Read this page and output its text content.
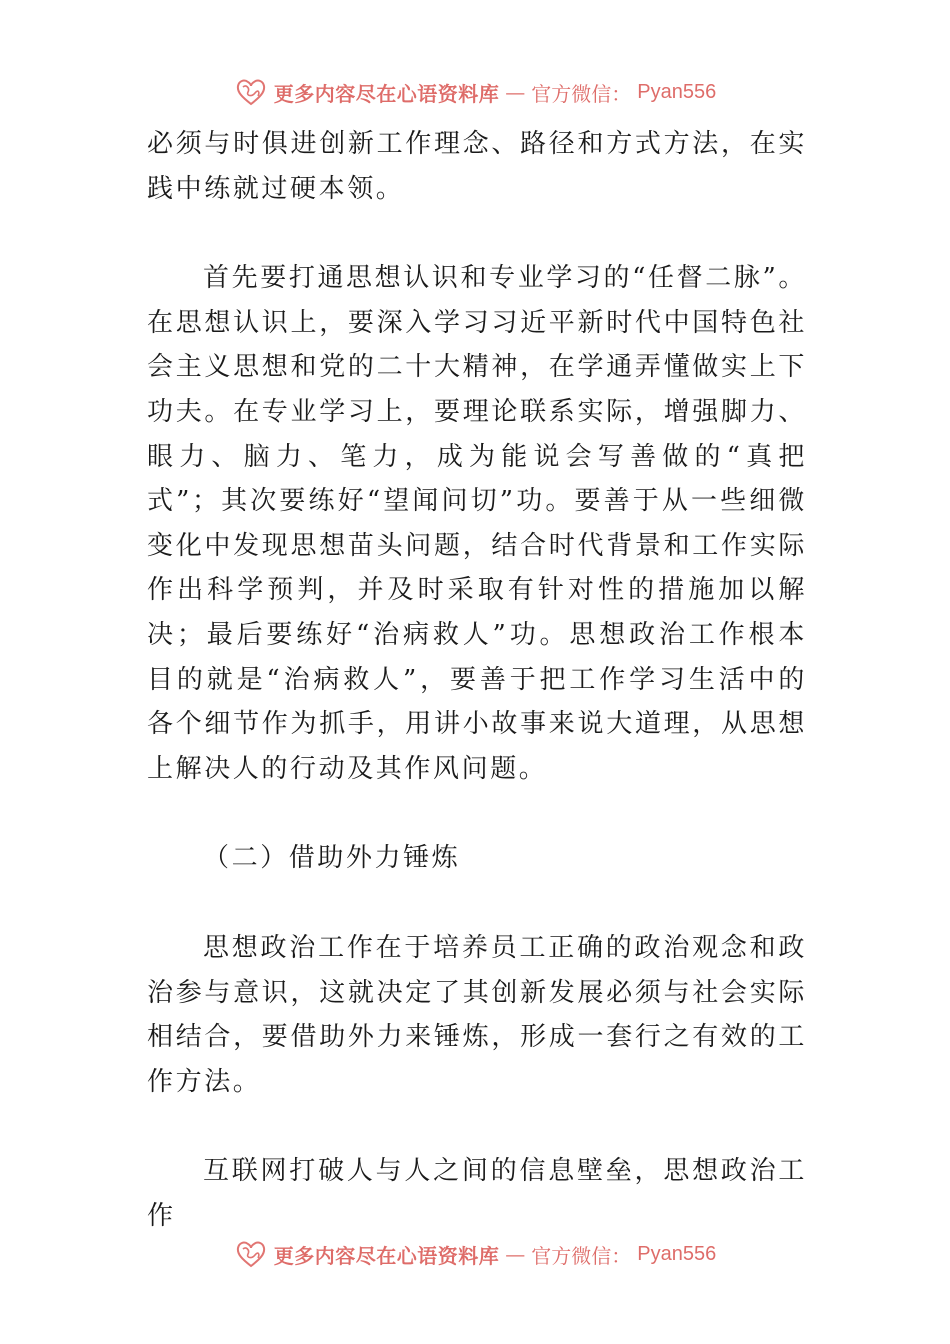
更多内容尽在心语资料库 — 官方微信： Pyan556

必须与时俱进创新工作理念、路径和方式方法，在实践中练就过硬本领。

首先要打通思想认识和专业学习的“任督二脉”。在思想认识上，要深入学习习近平新时代中国特色社会主义思想和党的二十大精神，在学通弄懂做实上下功夫。在专业学习上，要理论联系实际，增强脚力、眼力、脑力、笔力，成为能说会写善做的“真把式”；其次要练好“望闻问切”功。要善于从一些细微变化中发现思想苗头问题，结合时代背景和工作实际作出科学预判，并及时采取有针对性的措施加以解决；最后要练好“治病救人”功。思想政治工作根本目的就是“治病救人”，要善于把工作学习生活中的各个细节作为抓手，用讲小故事来说大道理，从思想上解决人的行动及其作风问题。

（二）借助外力锤炼

思想政治工作在于培养员工正确的政治观念和政治参与意识，这就决定了其创新发展必须与社会实际相结合，要借助外力来锤炼，形成一套行之有效的工作方法。

互联网打破人与人之间的信息壁垒，思想政治工作

更多内容尽在心语资料库 — 官方微信： Pyan556
